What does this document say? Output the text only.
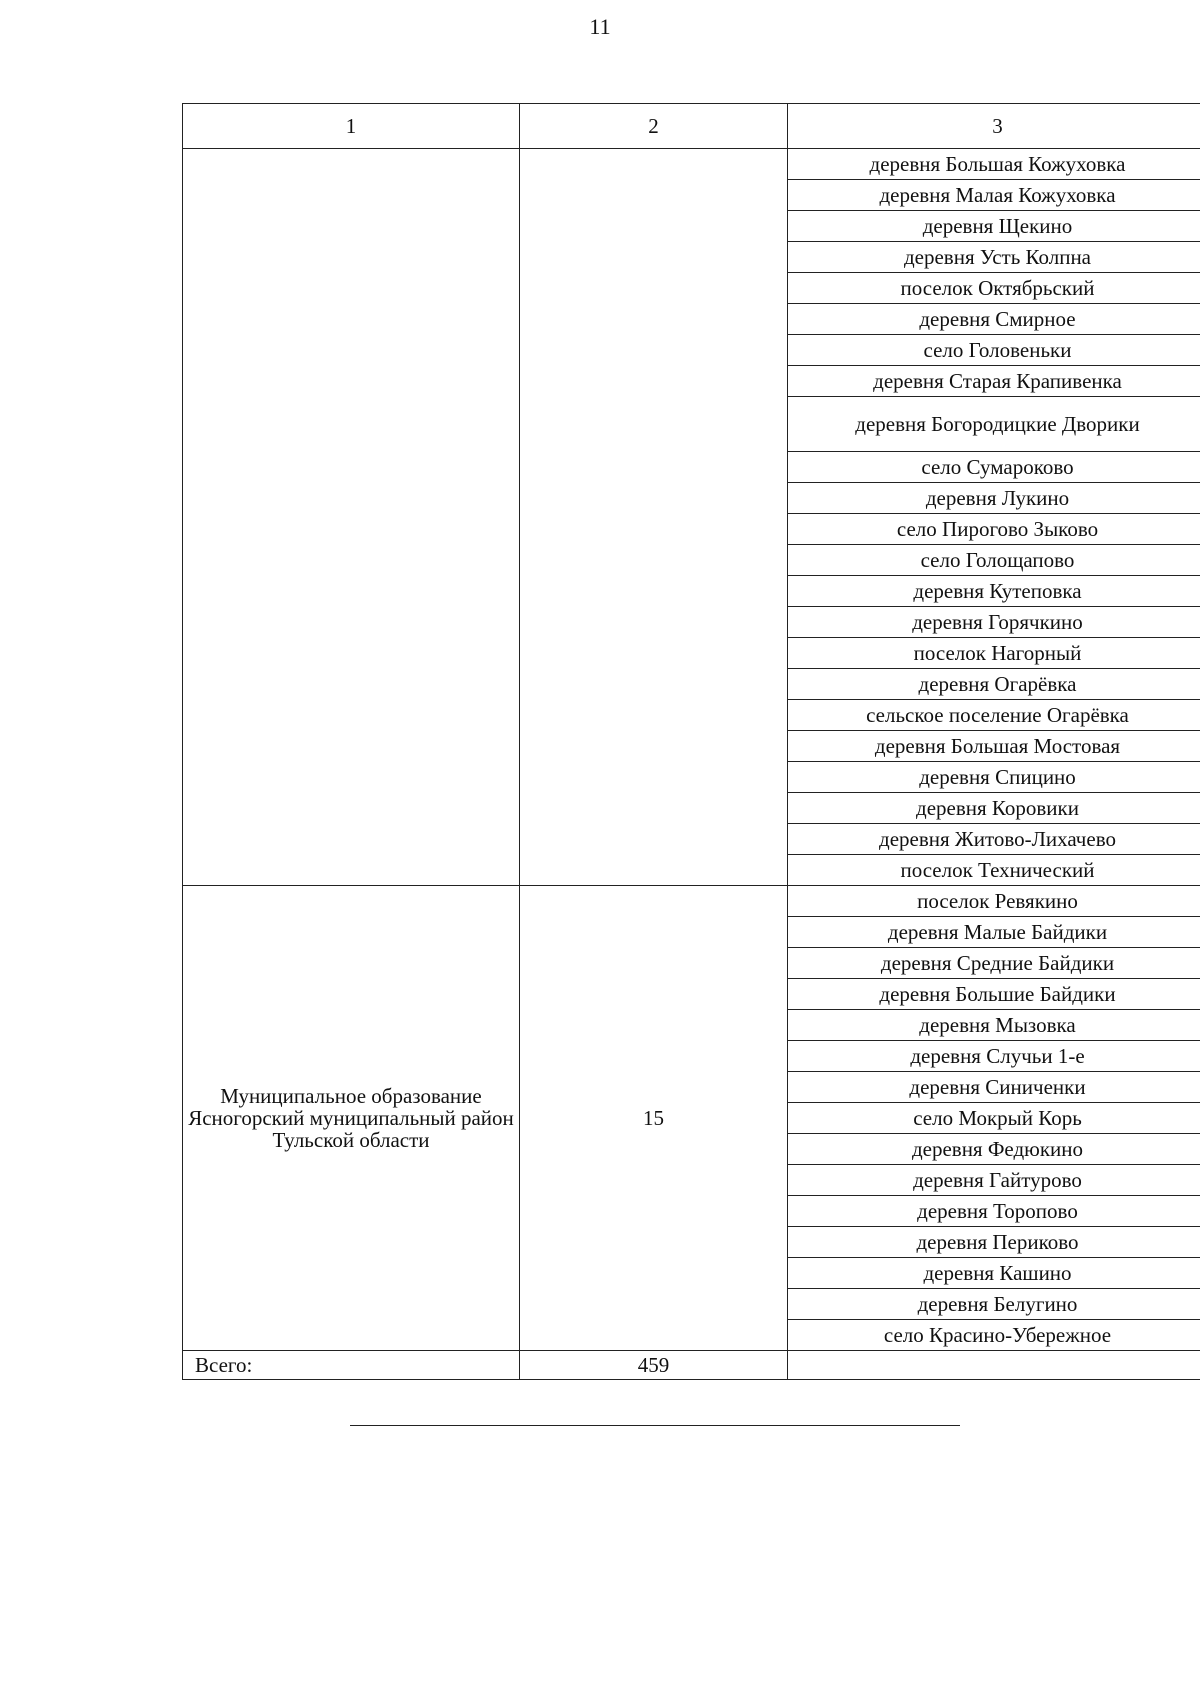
11
1	2	3
		деревня Большая Кожуховка
		деревня Малая Кожуховка
		деревня Щекино
		деревня Усть Колпна
		поселок Октябрьский
		деревня Смирное
		село Головеньки
		деревня Старая Крапивенка
		деревня Богородицкие Дворики
		село Сумароково
		деревня Лукино
		село Пирогово Зыково
		село Голощапово
		деревня Кутеповка
		деревня Горячкино
		поселок Нагорный
		деревня Огарёвка
		сельское поселение Огарёвка
		деревня Большая Мостовая
		деревня Спицино
		деревня Коровики
		деревня Житово-Лихачево
		поселок Технический
Муниципальное образование Ясногорский муниципальный район Тульской области	15	поселок Ревякино
		деревня Малые Байдики
		деревня Средние Байдики
		деревня Большие Байдики
		деревня Мызовка
		деревня Случьи 1-е
		деревня Синиченки
		село Мокрый Корь
		деревня Федюкино
		деревня Гайтурово
		деревня Торопово
		деревня Периково
		деревня Кашино
		деревня Белугино
		село Красино-Убережное
Всего:	459	
